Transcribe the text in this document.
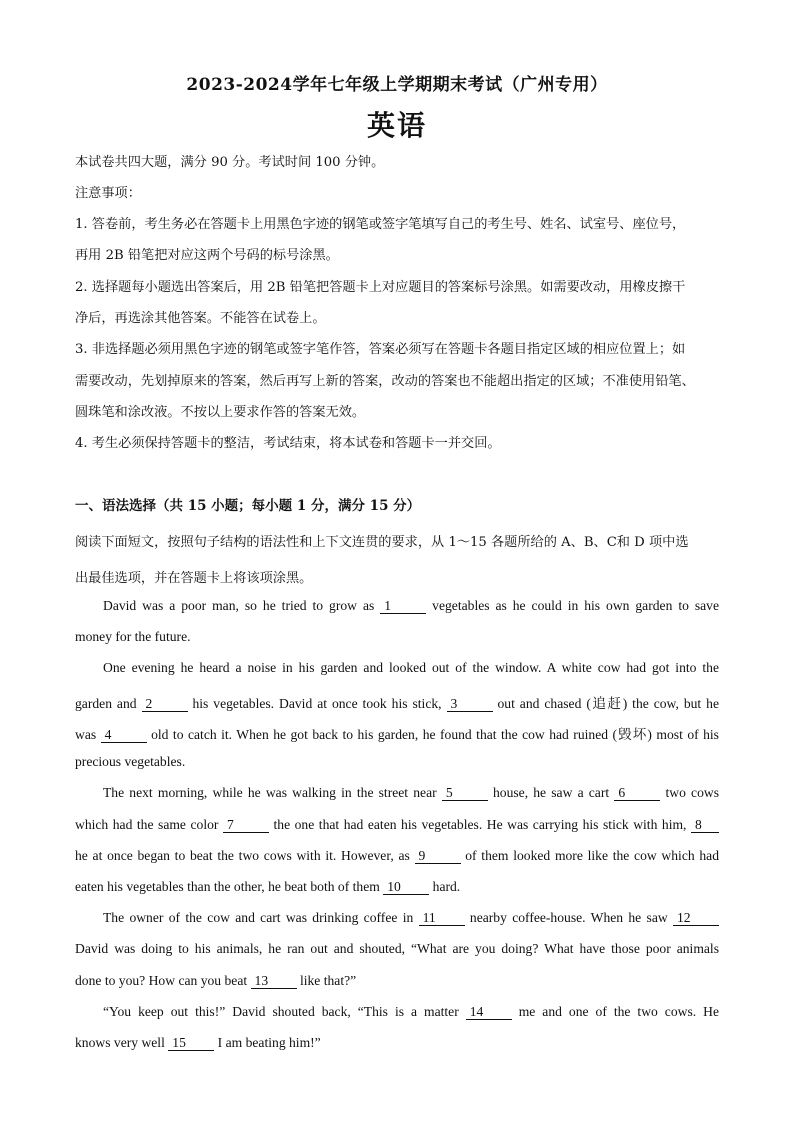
2023-2024学年七年级上学期期末考试（广州专用）
英语
本试卷共四大题，满分 90 分。考试时间 100 分钟。
注意事项：
1. 答卷前，考生务必在答题卡上用黑色字迹的钢笔或签字笔填写自己的考生号、姓名、试室号、座位号，
再用 2B 铅笔把对应这两个号码的标号涂黑。
2. 选择题每小题选出答案后，用 2B 铅笔把答题卡上对应题目的答案标号涂黑。如需要改动，用橡皮擦干
净后，再选涂其他答案。不能答在试卷上。
3. 非选择题必须用黑色字迹的钢笔或签字笔作答，答案必须写在答题卡各题目指定区域的相应位置上；如
需要改动，先划掉原来的答案，然后再写上新的答案，改动的答案也不能超出指定的区域；不准使用铅笔、
圆珠笔和涂改液。不按以上要求作答的答案无效。
4. 考生必须保持答题卡的整洁，考试结束，将本试卷和答题卡一并交回。
一、语法选择（共 15 小题；每小题 1 分，满分 15 分）
阅读下面短文，按照句子结构的语法性和上下文连贯的要求，从 1～15 各题所给的 A、B、C和 D 项中选
出最佳选项，并在答题卡上将该项涂黑。
David was a poor man, so he tried to grow as 1	vegetables as he could in his own garden to save
money for the future.
One evening he heard a noise in his garden and looked out of the window. A white cow had got into the
garden and 2	his vegetables. David at once took his stick, 3	out and chased (追赶) the cow, but he
was 4	old to catch it. When he got back to his garden, he found that the cow had ruined (毁坏) most of his
precious vegetables.
The next morning, while he was walking in the street near 5	house, he saw a cart 6	two cows
which had the same color 7	the one that had eaten his vegetables. He was carrying his stick with him, 8
he at once began to beat the two cows with it. However, as 9	of them looked more like the cow which had
eaten his vegetables than the other, he beat both of them 10 hard.
The owner of the cow and cart was drinking coffee in 11	nearby coffee-house. When he saw 12
David was doing to his animals, he ran out and shouted, “What are you doing? What have those poor animals
done to you? How can you beat 13 like that?”
“You keep out this!” David shouted back, “This is a matter 14	me and one of the two cows. He
knows very well 15 I am beating him!”
